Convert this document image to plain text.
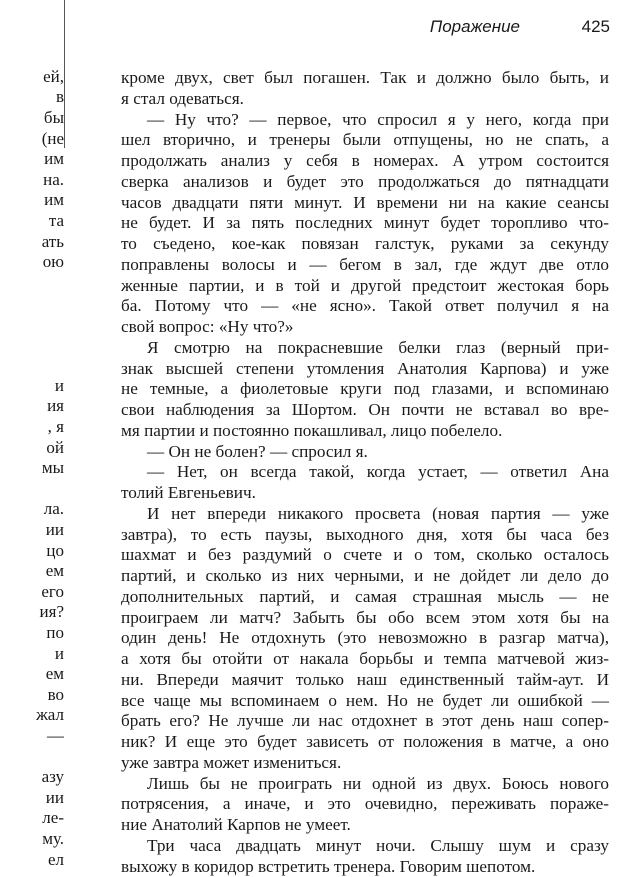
ей,
в
бы
(не
им
на.
им
та
ать
ою
и
ия
, я
ой
мы
ла.
ии
цо
ем
его
ия?
по
и
ем
во
жал
—
азу
ии
ле-
му.
ел
Поражение	425
кроме двух, свет был погашен. Так и должно было быть, и
я стал одеваться.
— Ну что? — первое, что спросил я у него, когда при
шел вторично, и тренеры были отпущены, но не спать, а
продолжать анализ у себя в номерах. А утром состоится
сверка анализов и будет это продолжаться до пятнадцати
часов двадцати пяти минут. И времени ни на какие сеансы
не будет. И за пять последних минут будет торопливо что-
то съедено, кое-как повязан галстук, руками за секунду
поправлены волосы и — бегом в зал, где ждут две отло
женные партии, и в той и другой предстоит жестокая борь
ба. Потому что — «не ясно». Такой ответ получил я на
свой вопрос: «Ну что?»
Я смотрю на покрасневшие белки глаз (верный при-
знак высшей степени утомления Анатолия Карпова) и уже
не темные, а фиолетовые круги под глазами, и вспоминаю
свои наблюдения за Шортом. Он почти не вставал во вре-
мя партии и постоянно покашливал, лицо побелело.
— Он не болен? — спросил я.
— Нет, он всегда такой, когда устает, — ответил Ана
толий Евгеньевич.
И нет впереди никакого просвета (новая партия — уже
завтра), то есть паузы, выходного дня, хотя бы часа без
шахмат и без раздумий о счете и о том, сколько осталось
партий, и сколько из них черными, и не дойдет ли дело до
дополнительных партий, и самая страшная мысль — не
проиграем ли матч? Забыть бы обо всем этом хотя бы на
один день! Не отдохнуть (это невозможно в разгар матча),
а хотя бы отойти от накала борьбы и темпа матчевой жиз-
ни. Впереди маячит только наш единственный тайм-аут. И
все чаще мы вспоминаем о нем. Но не будет ли ошибкой —
брать его? Не лучше ли нас отдохнет в этот день наш сопер-
ник? И еще это будет зависеть от положения в матче, а оно
уже завтра может измениться.
Лишь бы не проиграть ни одной из двух. Боюсь нового
потрясения, а иначе, и это очевидно, переживать пораже-
ние Анатолий Карпов не умеет.
Три часа двадцать минут ночи. Слышу шум и сразу
выхожу в коридор встретить тренера. Говорим шепотом.
